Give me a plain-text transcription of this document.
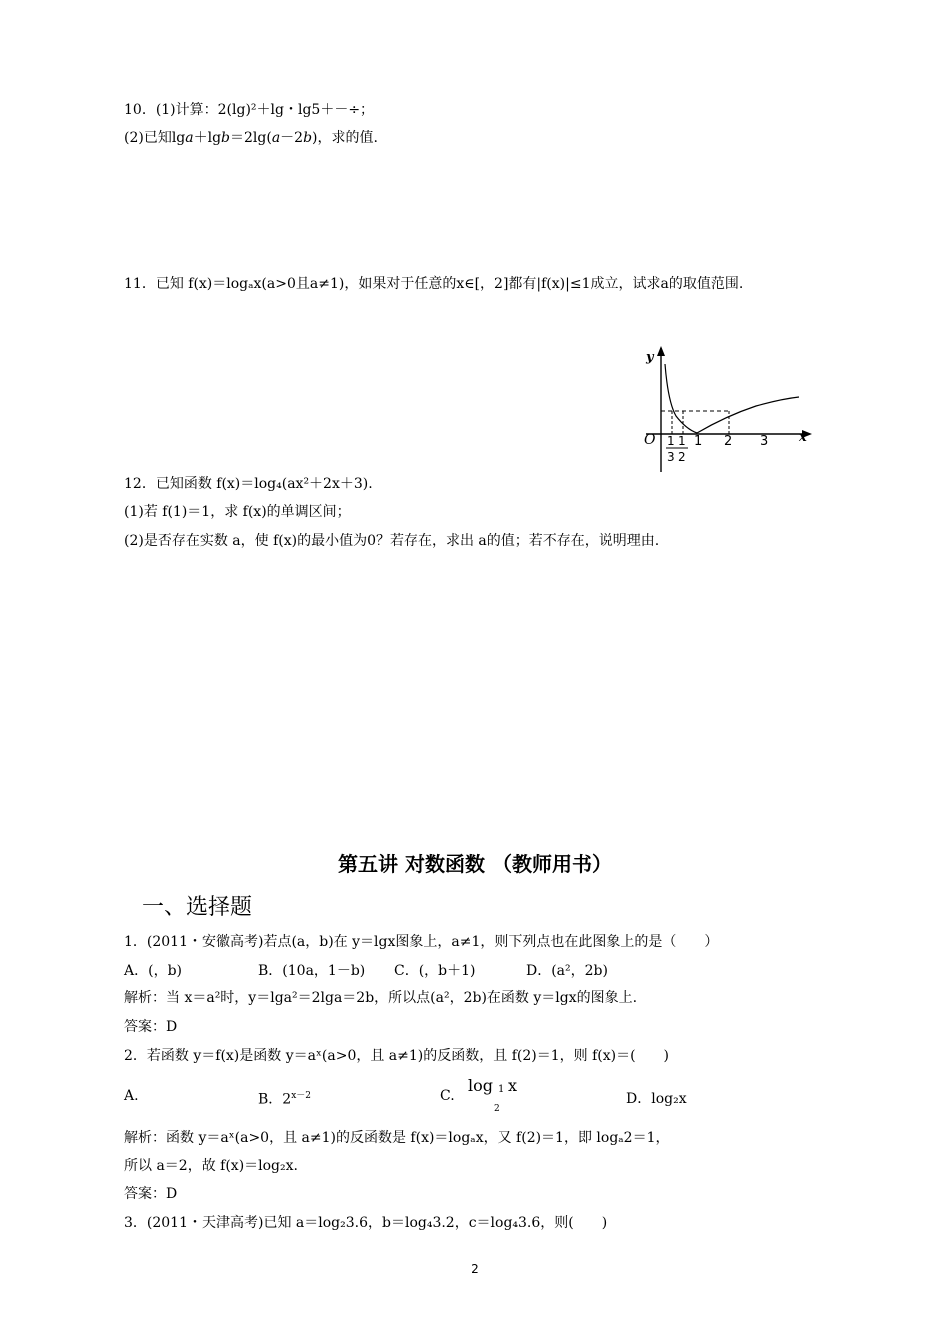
10．(1)计算：2(lg)²＋lg・lg5＋－÷；
(2)已知lg𝑎＋lg𝑏＝2lg(𝑎－2𝑏)，求的值.
11．已知 f(x)＝logₐx(a>0且a≠1)，如果对于任意的x∈[，2]都有|f(x)|≤1成立，试求a的取值范围.
y
x
O 1
3
1
2
1 2 3
12．已知函数 f(x)＝log₄(ax²＋2x＋3).
(1)若 f(1)＝1，求 f(x)的单调区间；
(2)是否存在实数 a，使 f(x)的最小值为0？若存在，求出 a的值；若不存在，说明理由.
第五讲 对数函数 （教师用书）
一、选择题
1．(2011・安徽高考)若点(a，b)在 y＝lgx图象上，a≠1，则下列点也在此图象上的是（　　）
A．(，b)	B．(10a，1－b) C．(，b＋1)	D．(a²，2b)
解析：当 x＝a²时，y＝lga²＝2lga＝2b，所以点(a²，2b)在函数 y＝lgx的图象上.
答案：D
2．若函数 y＝f(x)是函数 y＝aˣ(a>0，且 a≠1)的反函数，且 f(2)＝1，则 f(x)＝(　　)
A.	B．$2^{x-2}$	C.
log 1 x
2
D．log₂x
解析：函数 y＝aˣ(a>0，且 a≠1)的反函数是 f(x)＝logₐx，又 f(2)＝1，即 logₐ2＝1，
所以 a＝2，故 f(x)＝log₂x.
答案：D
3．(2011・天津高考)已知 a＝log₂3.6，b＝log₄3.2，c＝log₄3.6，则(　　)
2
